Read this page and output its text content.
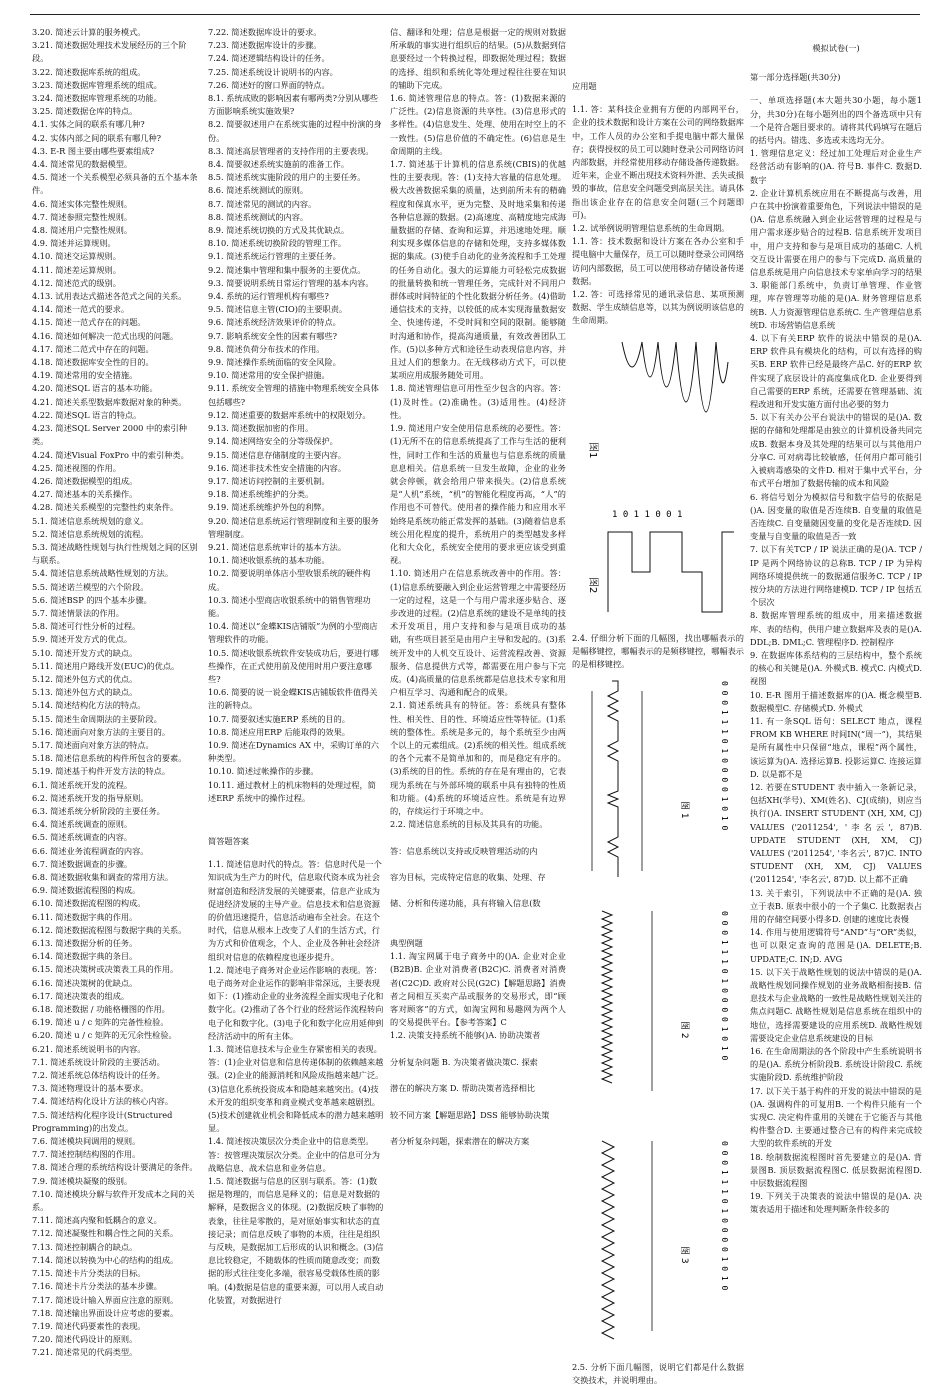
3.20. 简述云计算的服务模式。

3.21. 简述数据处理技术发展经历的三个阶段。

3.22. 简述数据库系统的组成。

3.23. 简述数据库管理系统的组成。

3.24. 简述数据库管理系统的功能。

3.25. 简述数据仓库的特点。

4.1. 实体之间的联系有哪几种?

4.2. 实体内部之间的联系有哪几种?

4.3. E-R 图主要由哪些要素组成?

4.4. 简述常见的数据模型。

4.5. 简述一个关系模型必须具备的五个基本条件。

4.6. 简述实体完整性规则。

4.7. 简述参照完整性规则。

4.8. 简述用户完整性规则。

4.9. 简述并运算规则。

4.10. 简述交运算规则。

4.11. 简述差运算规则。

4.12. 简述范式的级别。

4.13. 试用表达式描述各范式之间的关系。

4.14. 简述一范式的要求。

4.15. 简述一范式存在的问题。

4.16. 简述如何解决一范式出现的问题。

4.17. 简述二范式中存在的问题。

4.18. 简述数据库安全性的目的。

4.19. 简述常用的安全措施。

4.20. 简述SQL 语言的基本功能。

4.21. 简述关系型数据库数据对象的种类。

4.22. 简述SQL 语言的特点。

4.23. 简述SQL Server 2000 中的索引种类。

4.24. 简述Visual FoxPro 中的索引种类。

4.25. 简述视图的作用。

4.26. 简述数据模型的组成。

4.27. 简述基本的关系操作。

4.28. 简述关系模型的完整性约束条件。

5.1. 简述信息系统规划的意义。

5.2. 简述信息系统规划的流程。

5.3. 简述战略性规划与执行性规划之间的区别与联系。

5.4. 简述信息系统战略性规划的方法。

5.5. 简述诺兰模型的六个阶段。

5.6. 简述BSP 的四个基本步骤。

5.7. 简述情景法的作用。

5.8. 简述可行性分析的过程。

5.9. 简述开发方式的优点。

5.10. 简述开发方式的缺点。

5.11. 简述用户路线开发(EUC)的优点。

5.12. 简述外包方式的优点。

5.13. 简述外包方式的缺点。

5.14. 简述结构化方法的特点。

5.15. 简述生命周期法的主要阶段。

5.16. 简述面向对象方法的主要目的。

5.17. 简述面向对象方法的特点。

5.18. 简述信息系统的构件所包含的要素。

5.19. 简述基于构件开发方法的特点。

6.1. 简述系统开发的流程。

6.2. 简述系统开发的指导原则。

6.3. 简述系统分析阶段的主要任务。

6.4. 简述系统调查的原则。

6.5. 简述系统调查的内容。

6.6. 简述业务流程调查的内容。

6.7. 简述数据调查的步骤。

6.8. 简述数据收集和调查的常用方法。

6.9. 简述数据流程图的构成。

6.10. 简述数据流程图的构成。

6.11. 简述数据字典的作用。

6.12. 简述数据流程图与数据字典的关系。

6.13. 简述数据分析的任务。

6.14. 简述数据字典的条目。

6.15. 简述决策树或决策表工具的作用。

6.16. 简述决策树的优缺点。

6.17. 简述决策表的组成。

6.18. 简述数据 / 功能格栅图的作用。

6.19. 简述 u / c 矩阵的完备性检验。

6.20. 简述 u / c 矩阵的无冗余性检验。

6.21. 简述系统说明书的内容。

7.1. 简述系统设计阶段的主要活动。

7.2. 简述系统总体结构设计的任务。

7.3. 简述物理设计的基本要求。

7.4. 简述结构化设计方法的核心内容。

7.5. 简述结构化程序设计(Structured Programming)的出发点。

7.6. 简述模块间调用的规则。

7.7. 简述控制结构图的作用。

7.8. 简述合理的系统结构设计要满足的条件。

7.9. 简述模块凝聚的级别。

7.10. 简述模块分解与软件开发成本之间的关系。

7.11. 简述高内聚和低耦合的意义。

7.12. 简述凝聚性和耦合性之间的关系。

7.13. 简述控制耦合的缺点。

7.14. 简述以转换为中心的结构的组成。

7.15. 简述卡片分类法的目标。

7.16. 简述卡片分类法的基本步骤。

7.17. 简述设计输入界面应注意的原则。

7.18. 简述输出界面设计应考虑的要素。

7.19. 简述代码要素性的表现。

7.20. 简述代码设计的原则。

7.21. 简述常见的代码类型。

7.22. 简述数据库设计的要求。

7.23. 简述数据库设计的步骤。

7.24. 简述逻辑结构设计的任务。

7.25. 简述系统设计说明书的内容。

7.26. 简述好的窗口界面的特点。

8.1. 系统成败的影响因素有哪两类?分别从哪些方面影响系统实施效果?

8.2. 简要叙述用户在系统实施的过程中扮演的身份。

8.3. 简述高层管理者的支持作用的主要表现。

8.4. 简要叙述系统实施前的准备工作。

8.5. 简述系统实施阶段的用户的主要任务。

8.6. 简述系统测试的原则。

8.7. 简述常见的测试的内容。

8.8. 简述系统测试的内容。

8.9. 简述系统切换的方式及其优缺点。

8.10. 简述系统切换阶段的管理工作。

9.1. 简述系统运行管理的主要任务。

9.2. 简述集中管理和集中服务的主要优点。

9.3. 简要说明系统日常运行管理的基本内容。

9.4. 系统的运行管理机构有哪些?

9.5. 简述信息主管(CIO)的主要职责。

9.6. 简述系统经济效果评价的特点。

9.7. 影响系统安全性的因素有哪些?

9.8. 简述负荷分布技术的作用。

9.9. 简述操作系统面临的安全风险。

9.10. 简述常用的安全保护措施。

9.11. 系统安全管理的措施中物理系统安全具体包括哪些?

9.12. 简述重要的数据库系统中的权限划分。

9.13. 简述数据加密的作用。

9.14. 简述网络安全的分等级保护。

9.15. 简述信息存储制度的主要内容。

9.16. 简述非技术性安全措施的内容。

9.17. 简述访问控制的主要机制。

9.18. 简述系统维护的分类。

9.19. 简述系统维护外包的利弊。

9.20. 简述信息系统运行管理制度和主要的服务管理制度。

9.21. 简述信息系统审计的基本方法。

10.1. 简述收银系统的基本功能。

10.2. 简要说明单体店小型收银系统的硬件构成。

10.3. 简述小型商店收银系统中的销售管理功能。

10.4. 简述以“金蝶KIS店铺版”为例的小型商店管理软件的功能。

10.5. 简述收银系统软件安装成功后，要进行哪些操作，在正式使用前及使用时用户要注意哪些?

10.6. 简要的说一说金蝶KIS店铺版软件值得关注的新特点。

10.7. 简要叙述实施ERP 系统的目的。

10.8. 简述应用ERP 后能取得的效果。

10.9. 简述在Dynamics AX 中，采购订单的六种类型。

10.10. 简述过帐操作的步骤。

10.11. 通过教材上的机床物料的处理过程，简述ERP 系统中的操作过程。

简答题答案

1.1. 简述信息时代的特点。答：信息时代是一个知识成为生产力的时代，信息取代资本成为社会财富创造和经济发展的关键要素，信息产业成为促进经济发展的主导产业。信息技术和信息资源的价值迅速提升，信息活动遍布全社会。在这个时代，信息从根本上改变了人们的生活方式，行为方式和价值观念，个人、企业及各种社会经济组织对信息的依赖程度也逐步提升。

1.2. 简述电子商务对企业运作影响的表现。答：电子商务对企业运作的影响非常深远，主要表现如下：(1)推动企业的业务流程全面实现电子化和数字化。(2)推动了各个行业的经营运作流程转向电子化和数字化。(3)电子化和数字化应用延伸到经济活动中的所有主体。

1.3. 简述信息技术与企业生存紧密相关的表现。答：(1)企业对信息和信息传递体制的依赖越来越强。(2)企业的能源消耗和风险成指越来越广泛。(3)信息化系统投资成本和隐越来越突出。(4)技术开发的组织变革和商业模式变革越来越剧烈。(5)技术创建就业机会和降低成本的潜力越来越明显。

1.4. 简述按决策层次分类企业中的信息类型。答：按管理决策层次分类。企业中的信息可分为战略信息、战术信息和业务信息。

1.5. 简述数据与信息的区别与联系。答：(1)数据是物理的，而信息是释义的；信息是对数据的解释，是数据含义的体现。(2)数据反映了事物的表象，往往是零散的，是对原始事实和状态的直接记录；而信息反映了事物的本质，往往是组织与反映，是数据加工后形成的认识和概念。(3)信息比较稳定，不随载体的性质而随意改变；而数据的形式往往变化多端，很容易受载体性质的影响。(4)数据是信息的重要来源，可以用人或自动化装置，对数据进行

信、翻译和处理；信息是根据一定的规则对数据所承载的事实进行组织后的结果。(5)从数据到信息要经过一个转换过程，即数据处理过程；数据的选择、组织和系统化等处理过程往往要在知识的辅助下完成。

1.6. 简述管理信息的特点。答：(1)数据来源的广泛性。(2)信息资源的共享性。(3)信息形式的多样性。(4)信息发生、处理、使用在时空上的不一致性。(5)信息价值的不确定性。(6)信息是生命周期的主线。

1.7. 简述基于计算机的信息系统(CBIS)的优越性的主要表现。答：(1)支持大容量的信息处理。极大改善数据采集的质量，达到前所未有的精确程度和保真水平，更为完整、及时地采集和传递各种信息源的数据。(2)高速度、高精度地完成海量数据的存储、查询和运算，并迅速地处理。顺利实现多媒体信息的存储和处理，支持多媒体数据的集成。(3)使手自动化的业务流程和手工处理的任务自动化。强大的运算能力可轻松完成数据的批量转换和统一管理任务，完成针对不同用户群体或时间特征的个性化数据分析任务。(4)借助通信技术的支持，以较低的成本实现海量数据安全、快速传递，不受时间和空间的限制。能够随时沟通和协作，提高沟通质量，有效改善团队工作。(5)以多种方式和途径生动表现信息内容，并且过人们的想象力。在无线移动方式下，可以使某项应用成服务随处可用。

1.8. 简述管理信息可用性至少包含的内容。答：(1)及时性。(2)准确性。(3)适用性。(4)经济性。

1.9. 简述用户安全使用信息系统的必要性。答：(1)无所不在的信息系统提高了工作与生活的便利性，同时工作和生活的质量也与信息系统的质量息息相关。信息系统一旦发生故障，企业的业务就会停顿，就会给用户带来损失。(2)信息系统是“人机”系统，“机”的智能化程度再高，“人”的作用也不可替代。使用者的操作能力和应用水平始终是系统功能正常发挥的基础。(3)随着信息系统公用化程度的提升，系统用户的类型越发多样化和大众化，系统安全使用的要求更应该受到重视。

1.10. 简述用户在信息系统改善中的作用。答：(1)信息系统要融入到企业运营管理之中需要经历一定的过程，这是一个与用户需求逐步贴合、逐步改进的过程。(2)信息系统的建设不是单纯的技术开发项目，用户支持和参与是项目成功的基础，有些项目甚至是由用户主导和发起的。(3)系统开发中的人机交互设计、运营流程改善、资源服务、信息提供方式等，都需要在用户参与下完成。(4)高质量的信息系统都是信息技术专家和用户相互学习、沟通和配合的成果。

2.1. 简述系统具有的特征。答：系统具有整体性、相关性、目的性、环境适应性等特征。(1)系统的整体性。系统是多元的，每个系统至少由两个以上的元素组成。(2)系统的相关性。组成系统的各个元素不是简单加和的，而是稳定有序的。(3)系统的目的性。系统的存在是有理由的，它表现为系统在与外部环境的联系中具有独特的性质和功能。(4)系统的环境适应性。系统是有边界的，存续运行于环境之中。

2.2. 简述信息系统的目标及其具有的功能。

答：信息系统以支持或反映管理活动的内

容为目标，完成特定信息的收集、处理、存

储、分析和传递功能，具有将输入信息(数

典型例题

1.1. 淘宝网属于电子商务中的()A. 企业对企业(B2B)B. 企业对消费者(B2C)C. 消费者对消费者(C2C)D. 政府对公民(G2C)【解题思路】消费者之间相互买卖产品或服务的交易形式，即“顾客对顾客”的方式，如淘宝网和易趣网为两个人的交易提供平台。【参考答案】C

1.2. 决策支持系统不能够()A. 协助决策者

分析复杂问题 B. 为决策者做决策C. 探索

潜在的解决方案 D. 帮助决策者选择相比

较不同方案【解题思路】DSS 能够协助决策

者分析复杂问题，探索潜在的解决方案

应用题

1.1. 答：某科技企业拥有方便的内部网平台，企业的技术数据和设计方案在公司的网络数据库中，工作人员的办公室和手提电脑中都大量保存；获得授权的员工可以随时登录公司网络访问内部数据，并经常使用移动存储设备传递数据。近年来，企业不断出现技术资料外泄、丢失或损毁的事故，信息安全问题受到高层关注。请具体指出该企业存在的信息安全问题(三个问题即可)。

1.2. 试举例说明管理信息系统的生命周期。

1.1. 答：技术数据和设计方案在各办公室和手提电脑中大量保存，员工可以随时登录公司网络访问内部数据，员工可以使用移动存储设备传递数据。

1.2. 答：可选择常见的通讯录信息、某项预测数据、学生成绩信息等，以其为例说明该信息的生命周期。

图1
1 0 1 1 0 0 1
图2

2.4. 仔细分析下面的几幅图，找出哪幅表示的是幅移键控，哪幅表示的是频移键控，哪幅表示的是相移键控。

0 0 0 1 1 1 0 1 0 0 0 0 1 0 1 0
图 1
0 0 0 1 1 1 0 1 0 0 0 0 1 0 1 0
图 2
0 0 0 1 1 1 0 1 0 0 0 0 1 0 1 0
图 3

2.5. 分析下面几幅图，说明它们都是什么数据交换技术，并说明理由。

模拟试卷(一)

第一部分选择题(共30分)

一、单项选择题(本大题共30小题，每小题1分，共30分)在每小题列出的四个备选项中只有一个是符合题目要求的。请将其代码填写在题后的括号内。错选、多选或未选均无分。

1. 管理信息定义：经过加工处理后对企业生产经营活动有影响的()A. 符号B. 事件C. 数据D. 数字

2. 企业计算机系统应用在不断提高与改善，用户在其中扮演着重要角色，下列说法中错误的是()A. 信息系统融入到企业运营管理的过程是与用户需求逐步贴合的过程B. 信息系统开发项目中，用户支持和参与是项目成功的基础C. 人机交互设计需要在用户的参与下完成D. 高质量的信息系统是用户向信息技术专家单向学习的结果

3. 职能部门系统中，负责订单管理、作业管理，库存管理等功能的是()A. 财务管理信息系统B. 人力资源管理信息系统C. 生产管理信息系统D. 市场营销信息系统

4. 以下有关ERP 软件的说法中错误的是()A. ERP 软件具有模块化的结构，可以有选择的购买B. ERP 软件已经是最终产品C. 好的ERP 软件实现了底层设计的高度集成化D. 企业要得到自己需要的ERP 系统，还需要在管理基础、流程改进和开发实施方面付出必要的努力

5. 以下有关办公平台说法中的错误的是()A. 数据的存储和处理都是由独立的计算机设备共同完成B. 数据本身及其处理的结果可以与其他用户分享C. 可对病毒比较敏感，任何用户都可能引入被病毒感染的文件D. 相对于集中式平台，分布式平台增加了数据传输的成本和风险

6. 将信号划分为模拟信号和数字信号的依据是()A. 因变量的取值是否连续B. 自变量的取值是否连续C. 自变量随因变量的变化是否连续D. 因变量与自变量的取值是否一致

7. 以下有关TCP / IP 说法正确的是()A. TCP / IP 是两个网络协议的总称B. TCP / IP 为异构网络环境提供统一的数据通信服务C. TCP / IP 按分块的方法进行网络建模D. TCP / IP 包括五个层次

8. 数据库管理系统的组成中，用来描述数据库、表的结构，供用户建立数据库及表的是()A. DDL;B. DML;C. 管理程序D. 控制程序

9. 在数据库体系结构的三层结构中，整个系统的核心和关键是()A. 外模式B. 模式C. 内模式D. 视图

10. E-R 图用于描述数据库的()A. 概念模型B. 数据模型C. 存储模式D. 外模式

11. 有一条SQL 语句：SELECT 地点，课程FROM KB WHERE 时间IN(“周一”)，其结果是所有属性中只保留“地点，课程”两个属性，该运算为()A. 选择运算B. 投影运算C. 连接运算D. 以是都不是

12. 若要在STUDENT 表中插入一条新记录，包括XH(学号)、XM(姓名)、CJ(成绩)，则应当执行()A. INSERT STUDENT (XH, XM, CJ) VALUES ('2011254', '李名云', 87)B. UPDATE STUDENT (XH, XM, CJ) VALUES ('2011254', '李名云', 87)C. INTO STUDENT (XH, XM, CJ) VALUES ('2011254', '李名云', 87)D. 以上都不正确

13. 关于索引，下列说法中不正确的是()A. 独立于表B. 原表中很小的一个子集C. 比数据表占用的存储空间要小得多D. 创建的速度比表慢

14. 作用与使用逻辑符号“AND”与“OR”类似，也可以限定查询的范围是()A. DELETE;B. UPDATE;C. IN;D. AVG

15. 以下关于战略性规划的说法中错误的是()A. 战略性规划同操作规划的业务战略相衔接B. 信息技术与企业战略的一致性是战略性规划关注的焦点问题C. 战略性规划是信息系统在组织中的地位，选择需要建设的应用系统D. 战略性规划需要设定企业信息系统建设的目标

16. 在生命周期法的各个阶段中产生系统说明书的是()A. 系统分析阶段B. 系统设计阶段C. 系统实施阶段D. 系统维护阶段

17. 以下关于基于构件的开发的说法中错误的是()A. 强调构件的可复用B. 一个构件只能有一个实现C. 决定构件重用的关键在于它能否与其他构件整合D. 主要通过整合已有的构件来完成较大型的软件系统的开发

18. 绘制数据流程图时首先要建立的是()A. 背景图B. 顶层数据流程图C. 低层数据流程图D. 中层数据流程图

19. 下列关于决策表的说法中错误的是()A. 决策表适用于描述和处理判断条件较多的
